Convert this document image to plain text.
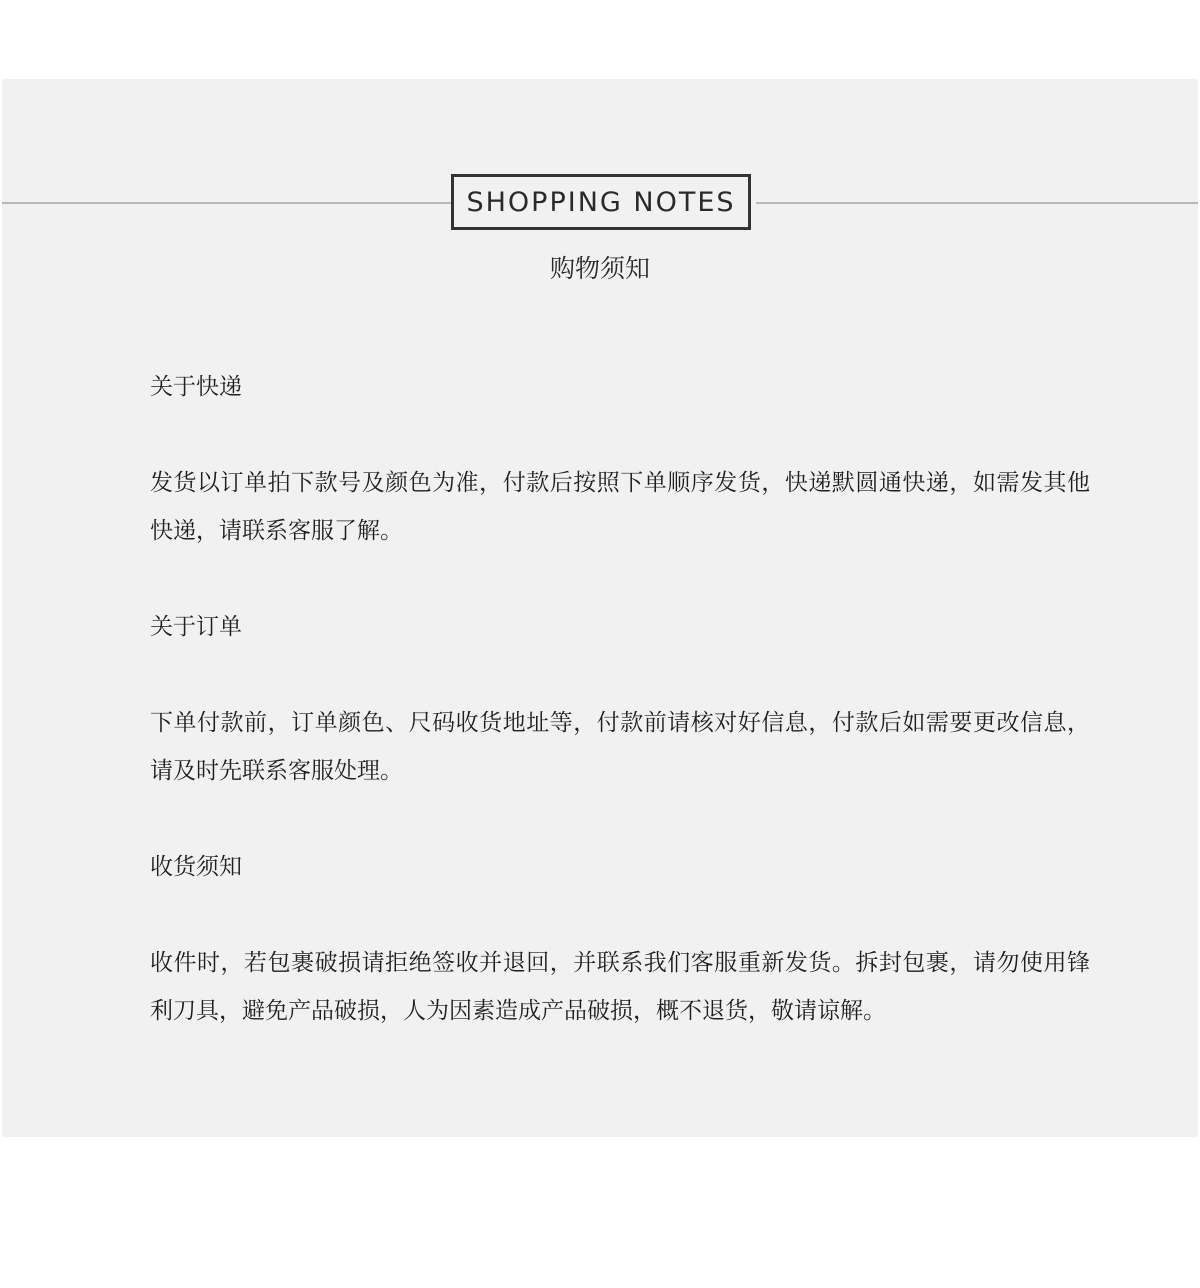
SHOPPING NOTES
购物须知
关于快递
发货以订单拍下款号及颜色为准，付款后按照下单顺序发货，快递默圆通快递，如需发其他快递，请联系客服了解。
关于订单
下单付款前，订单颜色、尺码收货地址等，付款前请核对好信息，付款后如需要更改信息，请及时先联系客服处理。
收货须知
收件时，若包裹破损请拒绝签收并退回，并联系我们客服重新发货。拆封包裹，请勿使用锋利刀具，避免产品破损，人为因素造成产品破损，概不退货，敬请谅解。
